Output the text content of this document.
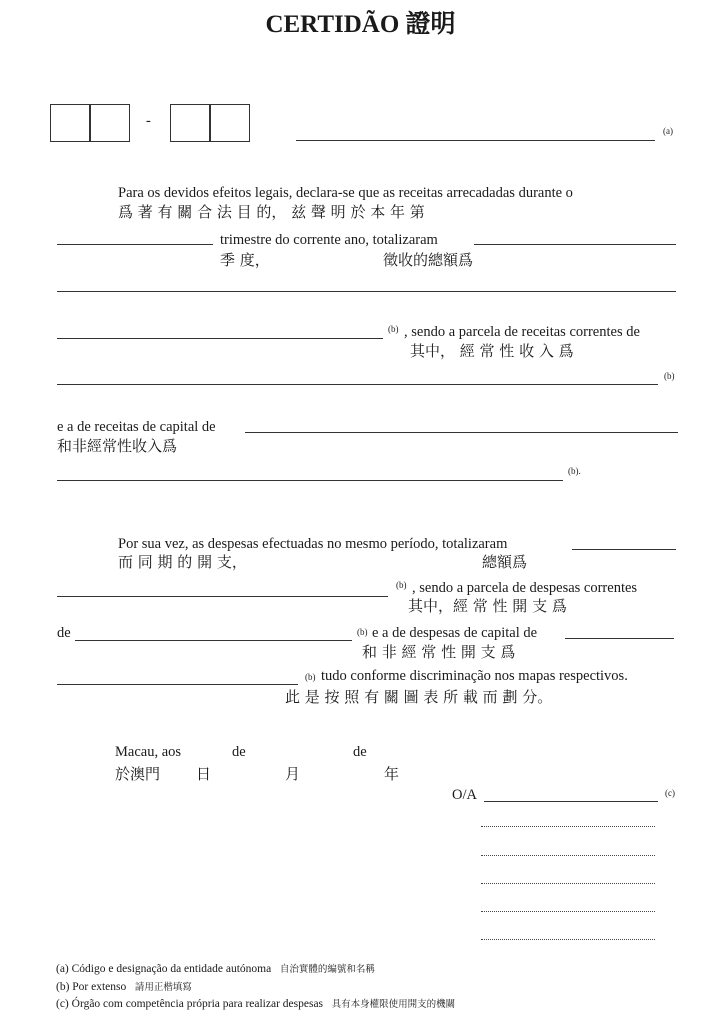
CERTIDÃO 證明
-
(a)
Para os devidos efeitos legais, declara-se que as receitas arrecadadas durante o
爲 著 有 關 合 法 目 的， 兹 聲 明 於 本 年 第
trimestre do corrente ano, totalizaram
季 度，	徵收的總額爲
(b) , sendo a parcela de receitas correntes de
其中， 經 常 性 收 入 爲
(b)
e a de receitas de capital de
和非經常性收入爲
(b).
Por sua vez, as despesas efectuadas no mesmo período, totalizaram
而 同 期 的 開 支，	總額爲
(b) , sendo a parcela de despesas correntes
其中，經 常 性 開 支 爲
de	(b) e a de despesas de capital de
和 非 經 常 性 開 支 爲
(b) tudo conforme discriminação nos mapas respectivos.
此 是 按 照 有 關 圖 表 所 載 而 劃 分。
Macau, aos	de	de
於澳門 日	月	年
O/A	(c)
(a) Código e designação da entidade autónoma 自治實體的編號和名稱
(b) Por extenso 請用正楷填寫
(c) Órgão com competência própria para realizar despesas 具有本身權限使用開支的機關
